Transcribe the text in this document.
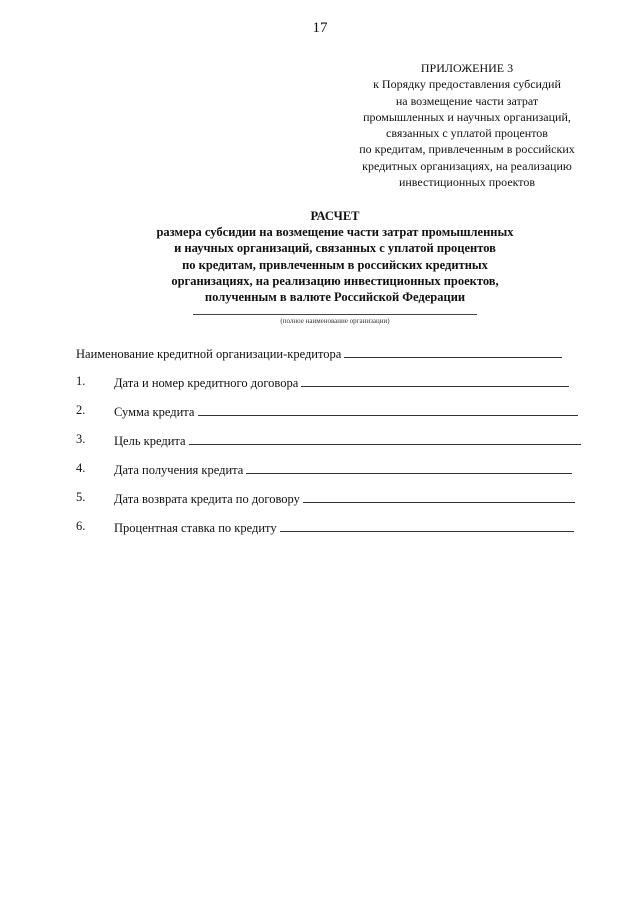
17
ПРИЛОЖЕНИЕ 3
к Порядку предоставления субсидий
на возмещение части затрат
промышленных и научных организаций,
связанных с уплатой процентов
по кредитам, привлеченным в российских
кредитных организациях, на реализацию
инвестиционных проектов
РАСЧЕТ
размера субсидии на возмещение части затрат промышленных
и научных организаций, связанных с уплатой процентов
по кредитам, привлеченным в российских кредитных
организациях, на реализацию инвестиционных проектов,
полученным в валюте Российской Федерации
(полное наименование организации)
Наименование кредитной организации-кредитора
1. Дата и номер кредитного договора
2. Сумма кредита
3. Цель кредита
4. Дата получения кредита
5. Дата возврата кредита по договору
6. Процентная ставка по кредиту
